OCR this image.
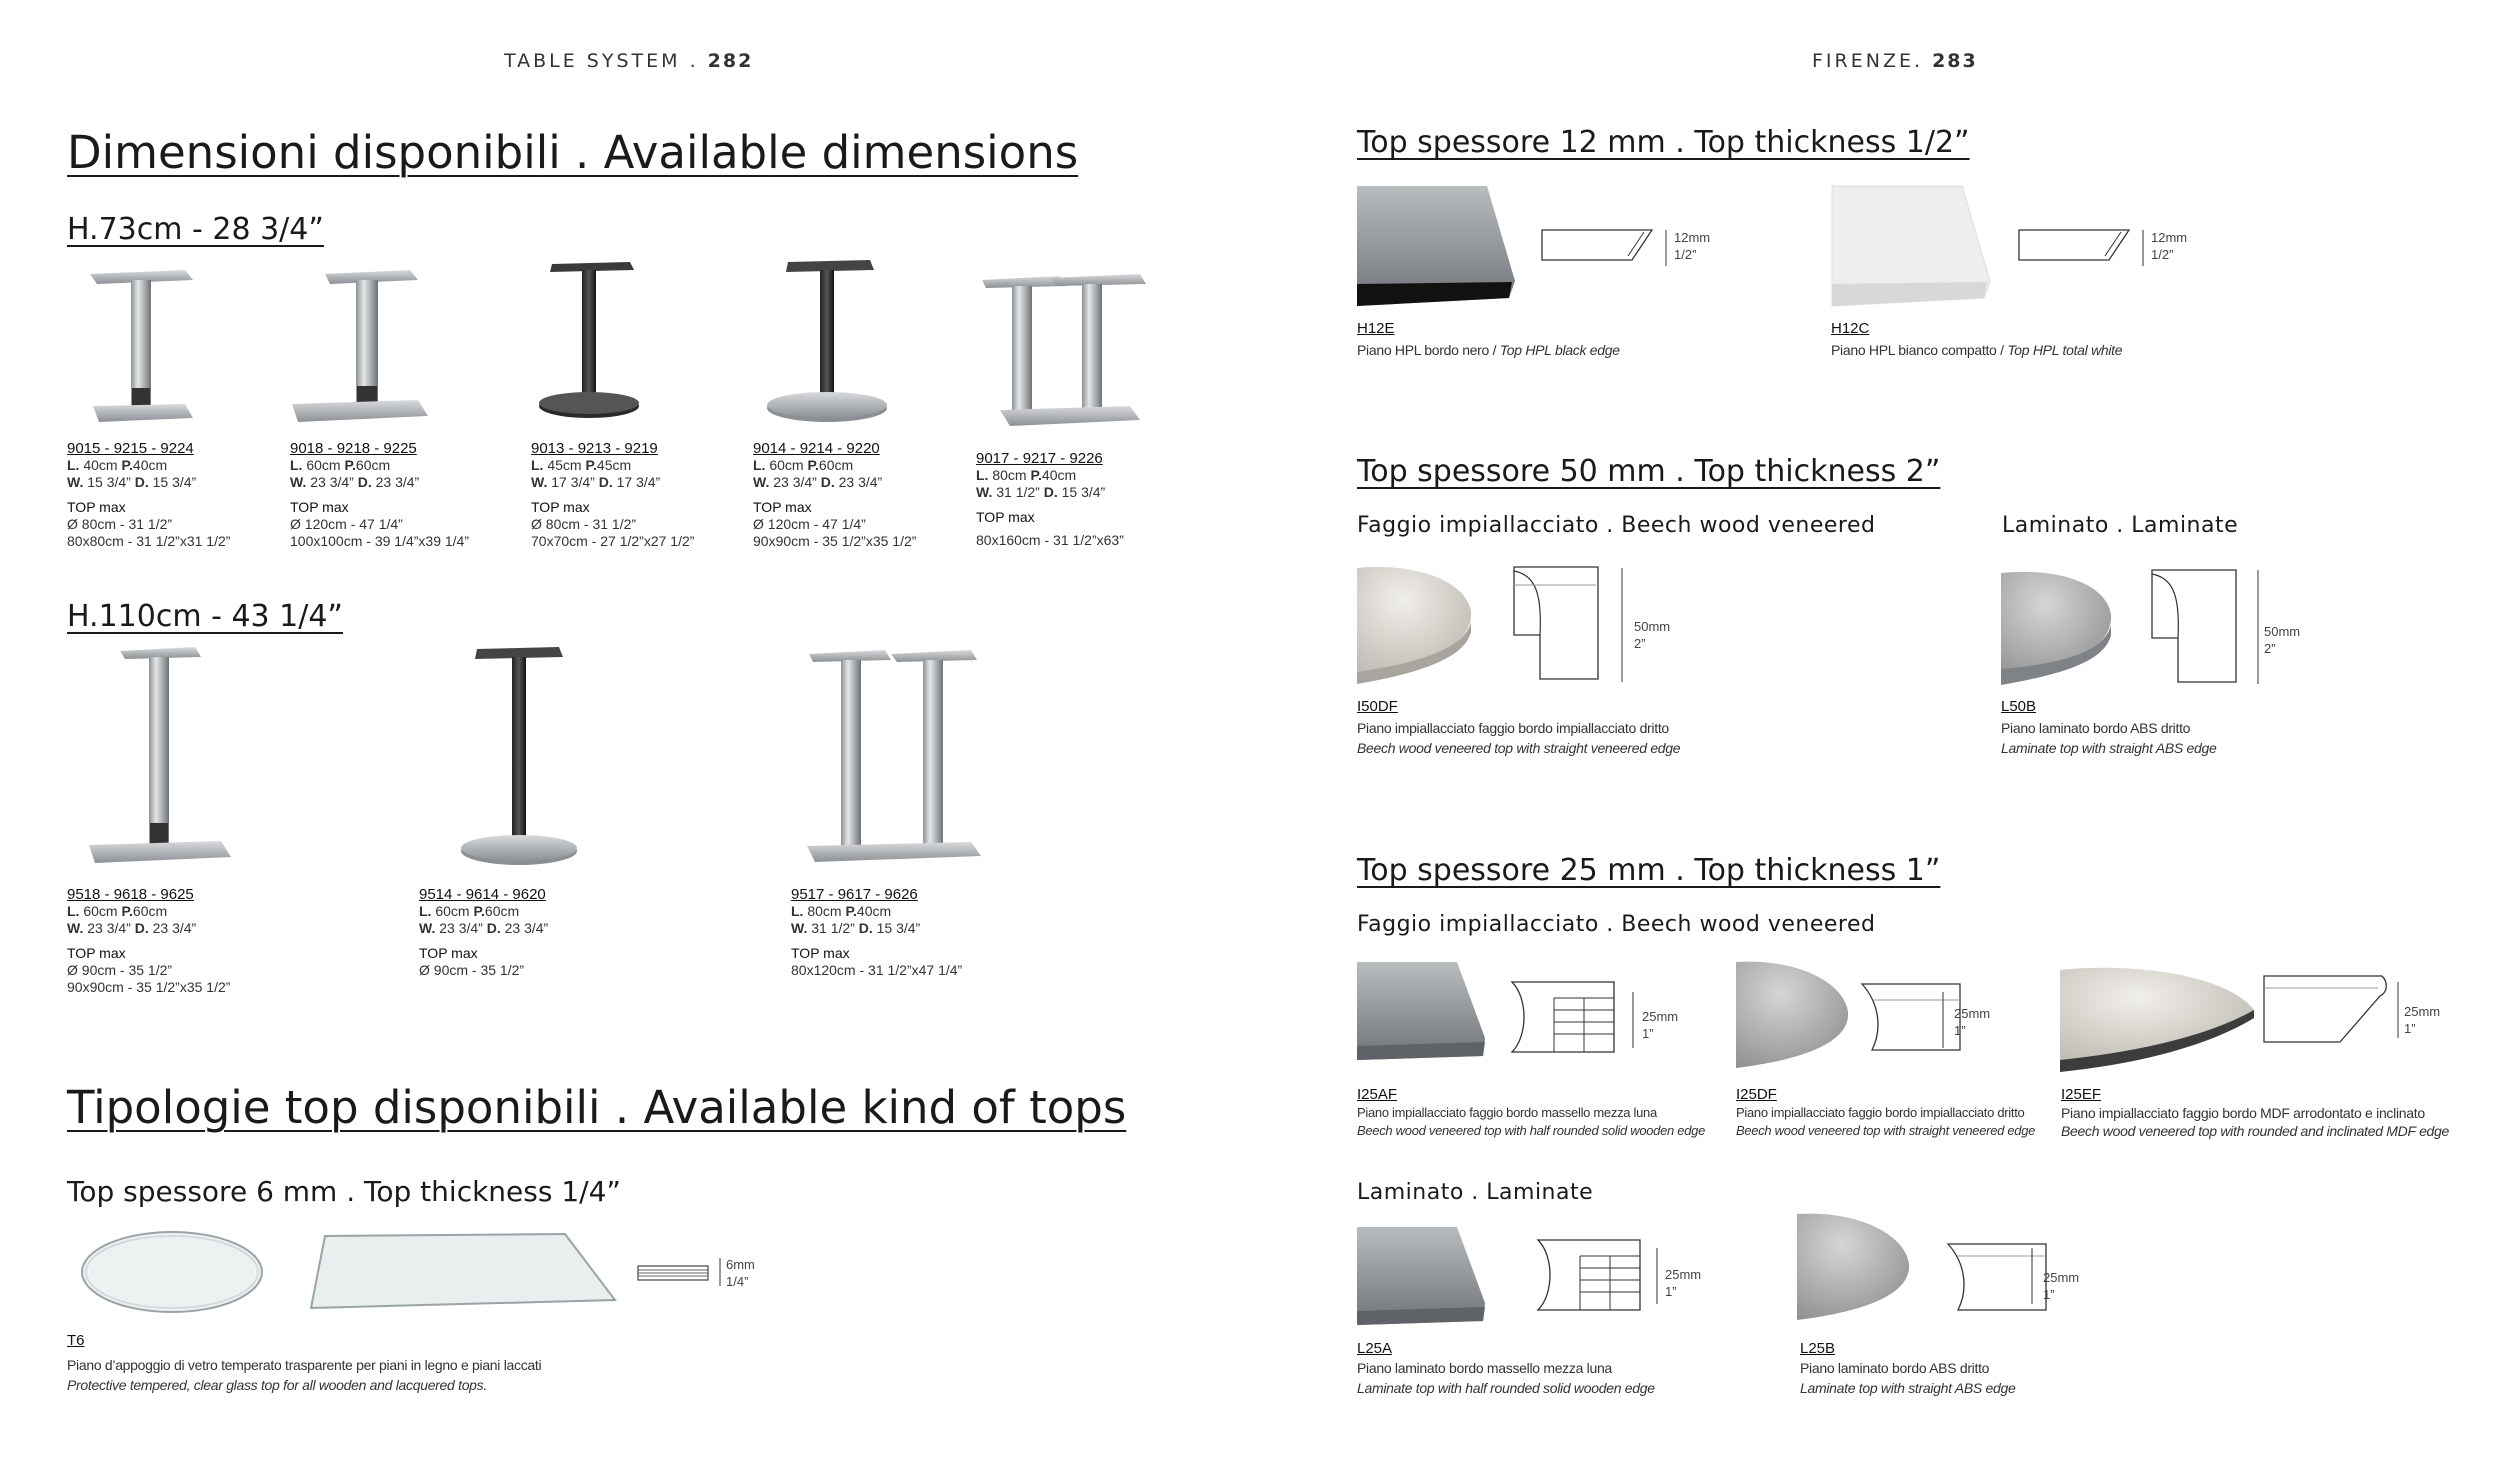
TABLE SYSTEM . 282	FIRENZE. 283
Dimensioni disponibili . Available dimensions
H.73cm - 28 3/4”
9015 - 9215 - 9224
L. 40cm P.40cm
W. 15 3/4” D. 15 3/4”
TOP max
Ø 80cm - 31 1/2”
80x80cm - 31 1/2”x31 1/2”
9018 - 9218 - 9225
L. 60cm P.60cm
W. 23 3/4” D. 23 3/4”
TOP max
Ø 120cm - 47 1/4”
100x100cm - 39 1/4”x39 1/4”
9013 - 9213 - 9219
L. 45cm P.45cm
W. 17 3/4” D. 17 3/4”
TOP max
Ø 80cm - 31 1/2”
70x70cm - 27 1/2”x27 1/2”
9014 - 9214 - 9220
L. 60cm P.60cm
W. 23 3/4” D. 23 3/4”
TOP max
Ø 120cm - 47 1/4”
90x90cm - 35 1/2”x35 1/2”
9017 - 9217 - 9226
L. 80cm P.40cm
W. 31 1/2” D. 15 3/4”
TOP max
80x160cm - 31 1/2”x63”
H.110cm - 43 1/4”
9518 - 9618 - 9625
L. 60cm P.60cm
W. 23 3/4” D. 23 3/4”
TOP max
Ø 90cm - 35 1/2”
90x90cm - 35 1/2”x35 1/2”
9514 - 9614 - 9620
L. 60cm P.60cm
W. 23 3/4” D. 23 3/4”
TOP max
Ø 90cm - 35 1/2”
9517 - 9617 - 9626
L. 80cm P.40cm
W. 31 1/2” D. 15 3/4”
TOP max
80x120cm - 31 1/2”x47 1/4”
Tipologie top disponibili . Available kind of tops
Top spessore 6 mm . Top thickness 1/4”
6mm
1/4”
T6
Piano d’appoggio di vetro temperato trasparente per piani in legno e piani laccati
Protective tempered, clear glass top for all wooden and lacquered tops.
Top spessore 12 mm . Top thickness 1/2”
12mm
1/2”
H12E
Piano HPL bordo nero / Top HPL black edge
12mm
1/2”
H12C
Piano HPL bianco compatto / Top HPL total white
Top spessore 50 mm . Top thickness 2”
Faggio impiallacciato . Beech wood veneered	Laminato . Laminate
50mm
2”
I50DF
Piano impiallacciato faggio bordo impiallacciato dritto
Beech wood veneered top with straight veneered edge
50mm
2”
L50B
Piano laminato bordo ABS dritto
Laminate top with straight ABS edge
Top spessore 25 mm . Top thickness 1”
Faggio impiallacciato . Beech wood veneered
25mm
1”
I25AF
Piano impiallacciato faggio bordo massello mezza luna
Beech wood veneered top with half rounded solid wooden edge
25mm
1”
I25DF
Piano impiallacciato faggio bordo impiallacciato dritto
Beech wood veneered top with straight veneered edge
25mm
1”
I25EF
Piano impiallacciato faggio bordo MDF arrodontato e inclinato
Beech wood veneered top with rounded and inclinated MDF edge
Laminato . Laminate
25mm
1”
L25A
Piano laminato bordo massello mezza luna
Laminate top with half rounded solid wooden edge
25mm
1”
L25B
Piano laminato bordo ABS dritto
Laminate top with straight ABS edge
